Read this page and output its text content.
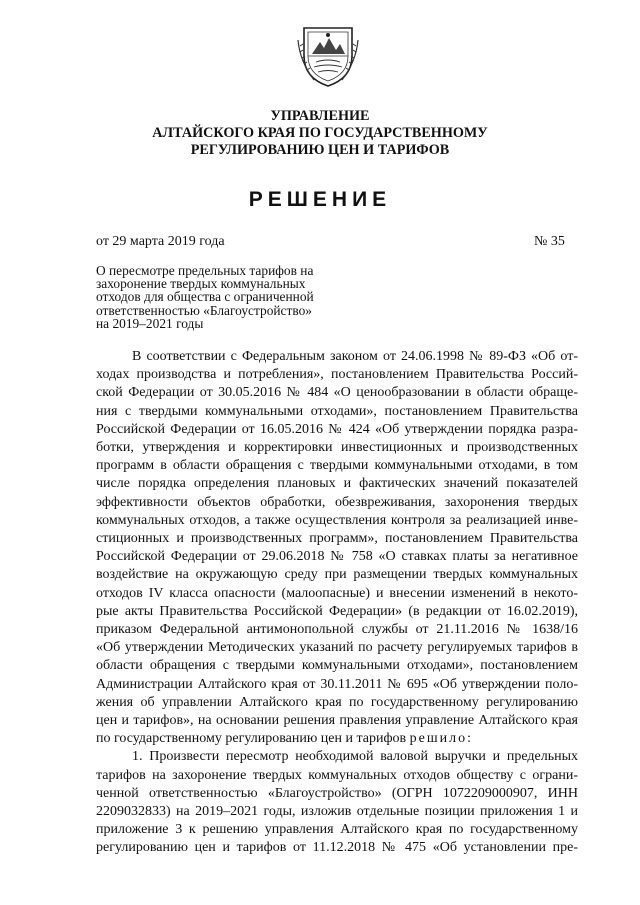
УПРАВЛЕНИЕ
АЛТАЙСКОГО КРАЯ ПО ГОСУДАРСТВЕННОМУ
РЕГУЛИРОВАНИЮ ЦЕН И ТАРИФОВ
РЕШЕНИЕ
от 29 марта 2019 года	№ 35
О пересмотре предельных тарифов на
захоронение твердых коммунальных
отходов для общества с ограниченной
ответственностью «Благоустройство»
на 2019–2021 годы
В соответствии с Федеральным законом от 24.06.1998 № 89-ФЗ «Об от-
ходах производства и потребления», постановлением Правительства Россий-
ской Федерации от 30.05.2016 № 484 «О ценообразовании в области обраще-
ния с твердыми коммунальными отходами», постановлением Правительства
Российской Федерации от 16.05.2016 № 424 «Об утверждении порядка разра-
ботки, утверждения и корректировки инвестиционных и производственных
программ в области обращения с твердыми коммунальными отходами, в том
числе порядка определения плановых и фактических значений показателей
эффективности объектов обработки, обезвреживания, захоронения твердых
коммунальных отходов, а также осуществления контроля за реализацией инве-
стиционных и производственных программ», постановлением Правительства
Российской Федерации от 29.06.2018 № 758 «О ставках платы за негативное
воздействие на окружающую среду при размещении твердых коммунальных
отходов IV класса опасности (малоопасные) и внесении изменений в некото-
рые акты Правительства Российской Федерации» (в редакции от 16.02.2019),
приказом Федеральной антимонопольной службы от 21.11.2016 № 1638/16
«Об утверждении Методических указаний по расчету регулируемых тарифов в
области обращения с твердыми коммунальными отходами», постановлением
Администрации Алтайского края от 30.11.2011 № 695 «Об утверждении поло-
жения об управлении Алтайского края по государственному регулированию
цен и тарифов», на основании решения правления управление Алтайского края
по государственному регулированию цен и тарифов решило:
1. Произвести пересмотр необходимой валовой выручки и предельных
тарифов на захоронение твердых коммунальных отходов обществу с ограни-
ченной ответственностью «Благоустройство» (ОГРН 1072209000907, ИНН
2209032833) на 2019–2021 годы, изложив отдельные позиции приложения 1 и
приложение 3 к решению управления Алтайского края по государственному
регулированию цен и тарифов от 11.12.2018 № 475 «Об установлении пре-
